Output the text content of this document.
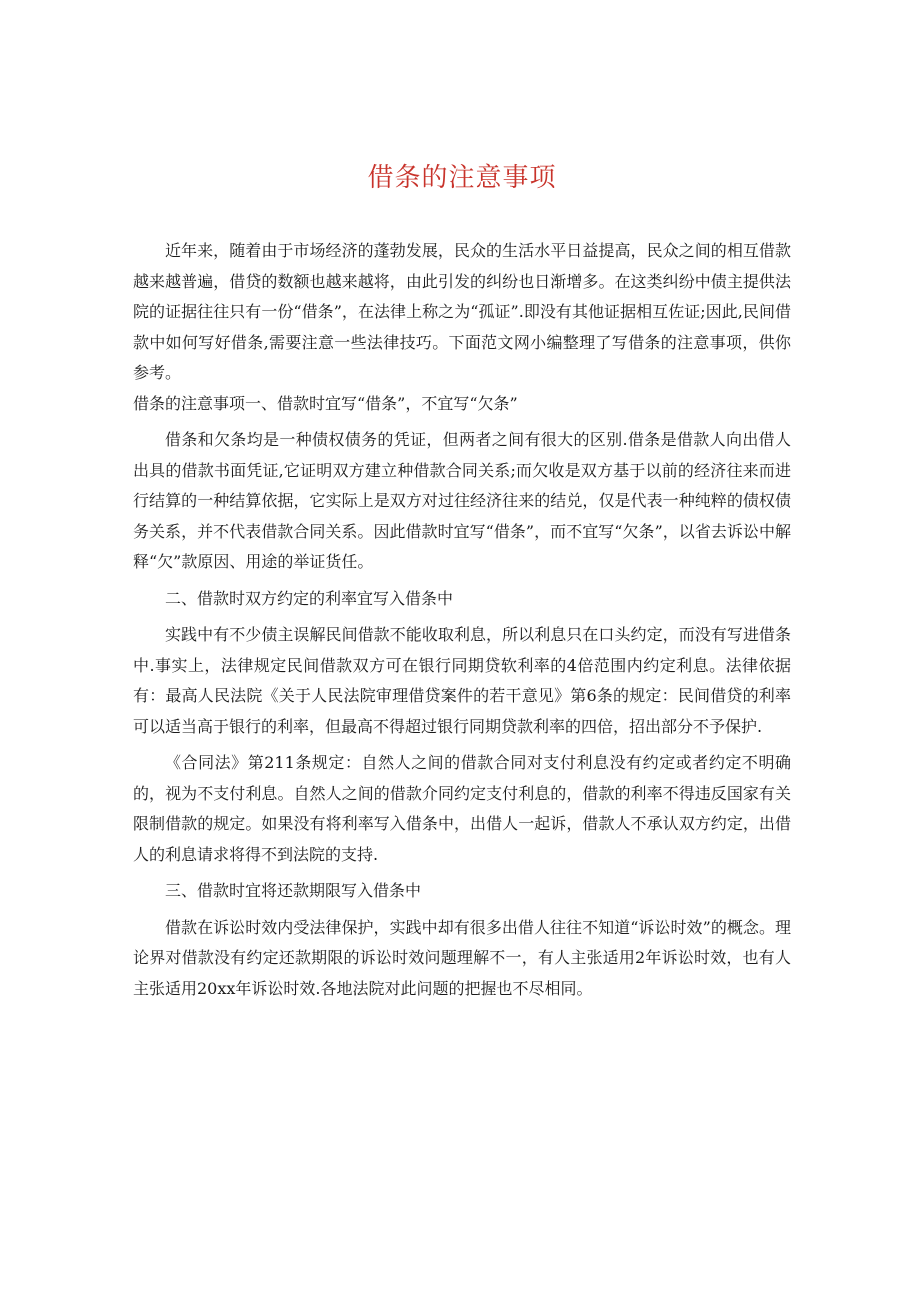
借条的注意事项

近年来，随着由于市场经济的蓬勃发展，民众的生活水平日益提高，民众之间的相互借款越来越普遍，借贷的数额也越来越将，由此引发的纠纷也日渐增多。在这类纠纷中债主提供法院的证据往往只有一份“借条”，在法律上称之为“孤证”.即没有其他证据相互佐证;因此,民间借款中如何写好借条,需要注意一些法律技巧。下面范文网小编整理了写借条的注意事项，供你参考。

借条的注意事项一、借款时宜写“借条”，不宜写“欠条”

借条和欠条均是一种债权债务的凭证，但两者之间有很大的区别.借条是借款人向出借人出具的借款书面凭证,它证明双方建立种借款合同关系;而欠收是双方基于以前的经济往来而进行结算的一种结算依据，它实际上是双方对过往经济往来的结兑，仅是代表一种纯粹的债权债务关系，并不代表借款合同关系。因此借款时宜写“借条”，而不宜写“欠条”，以省去诉讼中解释“欠”款原因、用途的举证货任。

二、借款时双方约定的利率宜写入借条中

实践中有不少债主误解民间借款不能收取利息，所以利息只在口头约定，而没有写进借条中.事实上，法律规定民间借款双方可在银行同期贷软利率的4倍范围内约定利息。法律依据有：最高人民法院《关于人民法院审理借贷案件的若干意见》第6条的规定：民间借贷的利率可以适当高于银行的利率，但最高不得超过银行同期贷款利率的四倍，招出部分不予保护.

《合同法》第211条规定：自然人之间的借款合同对支付利息没有约定或者约定不明确的，视为不支付利息。自然人之间的借款介同约定支付利息的，借款的利率不得违反国家有关限制借款的规定。如果没有将利率写入借条中，出借人一起诉，借款人不承认双方约定，出借人的利息请求将得不到法院的支持.

三、借款时宜将还款期限写入借条中

借款在诉讼时效内受法律保护，实践中却有很多出借人往往不知道“诉讼时效”的概念。理论界对借款没有约定还款期限的诉讼时效问题理解不一，有人主张适用2年诉讼时效，也有人主张适用20xx年诉讼时效.各地法院对此问题的把握也不尽相同。
